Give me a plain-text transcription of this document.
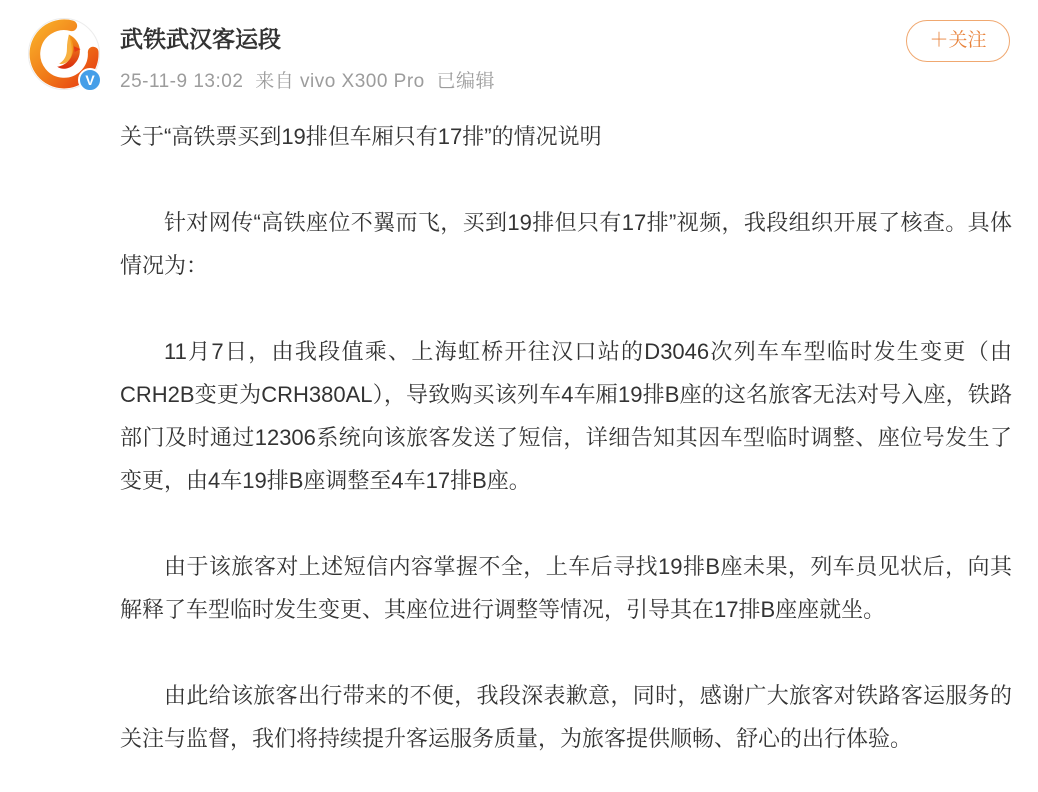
V
武铁武汉客运段
25-11-9 13:02 来自 vivo X300 Pro 已编辑
＋关注
关于“高铁票买到19排但车厢只有17排”的情况说明

针对网传“高铁座位不翼而飞，买到19排但只有17排”视频，我段组织开展了核查。具体情况为：

11月7日，由我段值乘、上海虹桥开往汉口站的D3046次列车车型临时发生变更（由CRH2B变更为CRH380AL），导致购买该列车4车厢19排B座的这名旅客无法对号入座，铁路部门及时通过12306系统向该旅客发送了短信，详细告知其因车型临时调整、座位号发生了变更，由4车19排B座调整至4车17排B座。

由于该旅客对上述短信内容掌握不全，上车后寻找19排B座未果，列车员见状后，向其解释了车型临时发生变更、其座位进行调整等情况，引导其在17排B座座就坐。

由此给该旅客出行带来的不便，我段深表歉意，同时，感谢广大旅客对铁路客运服务的关注与监督，我们将持续提升客运服务质量，为旅客提供顺畅、舒心的出行体验。
